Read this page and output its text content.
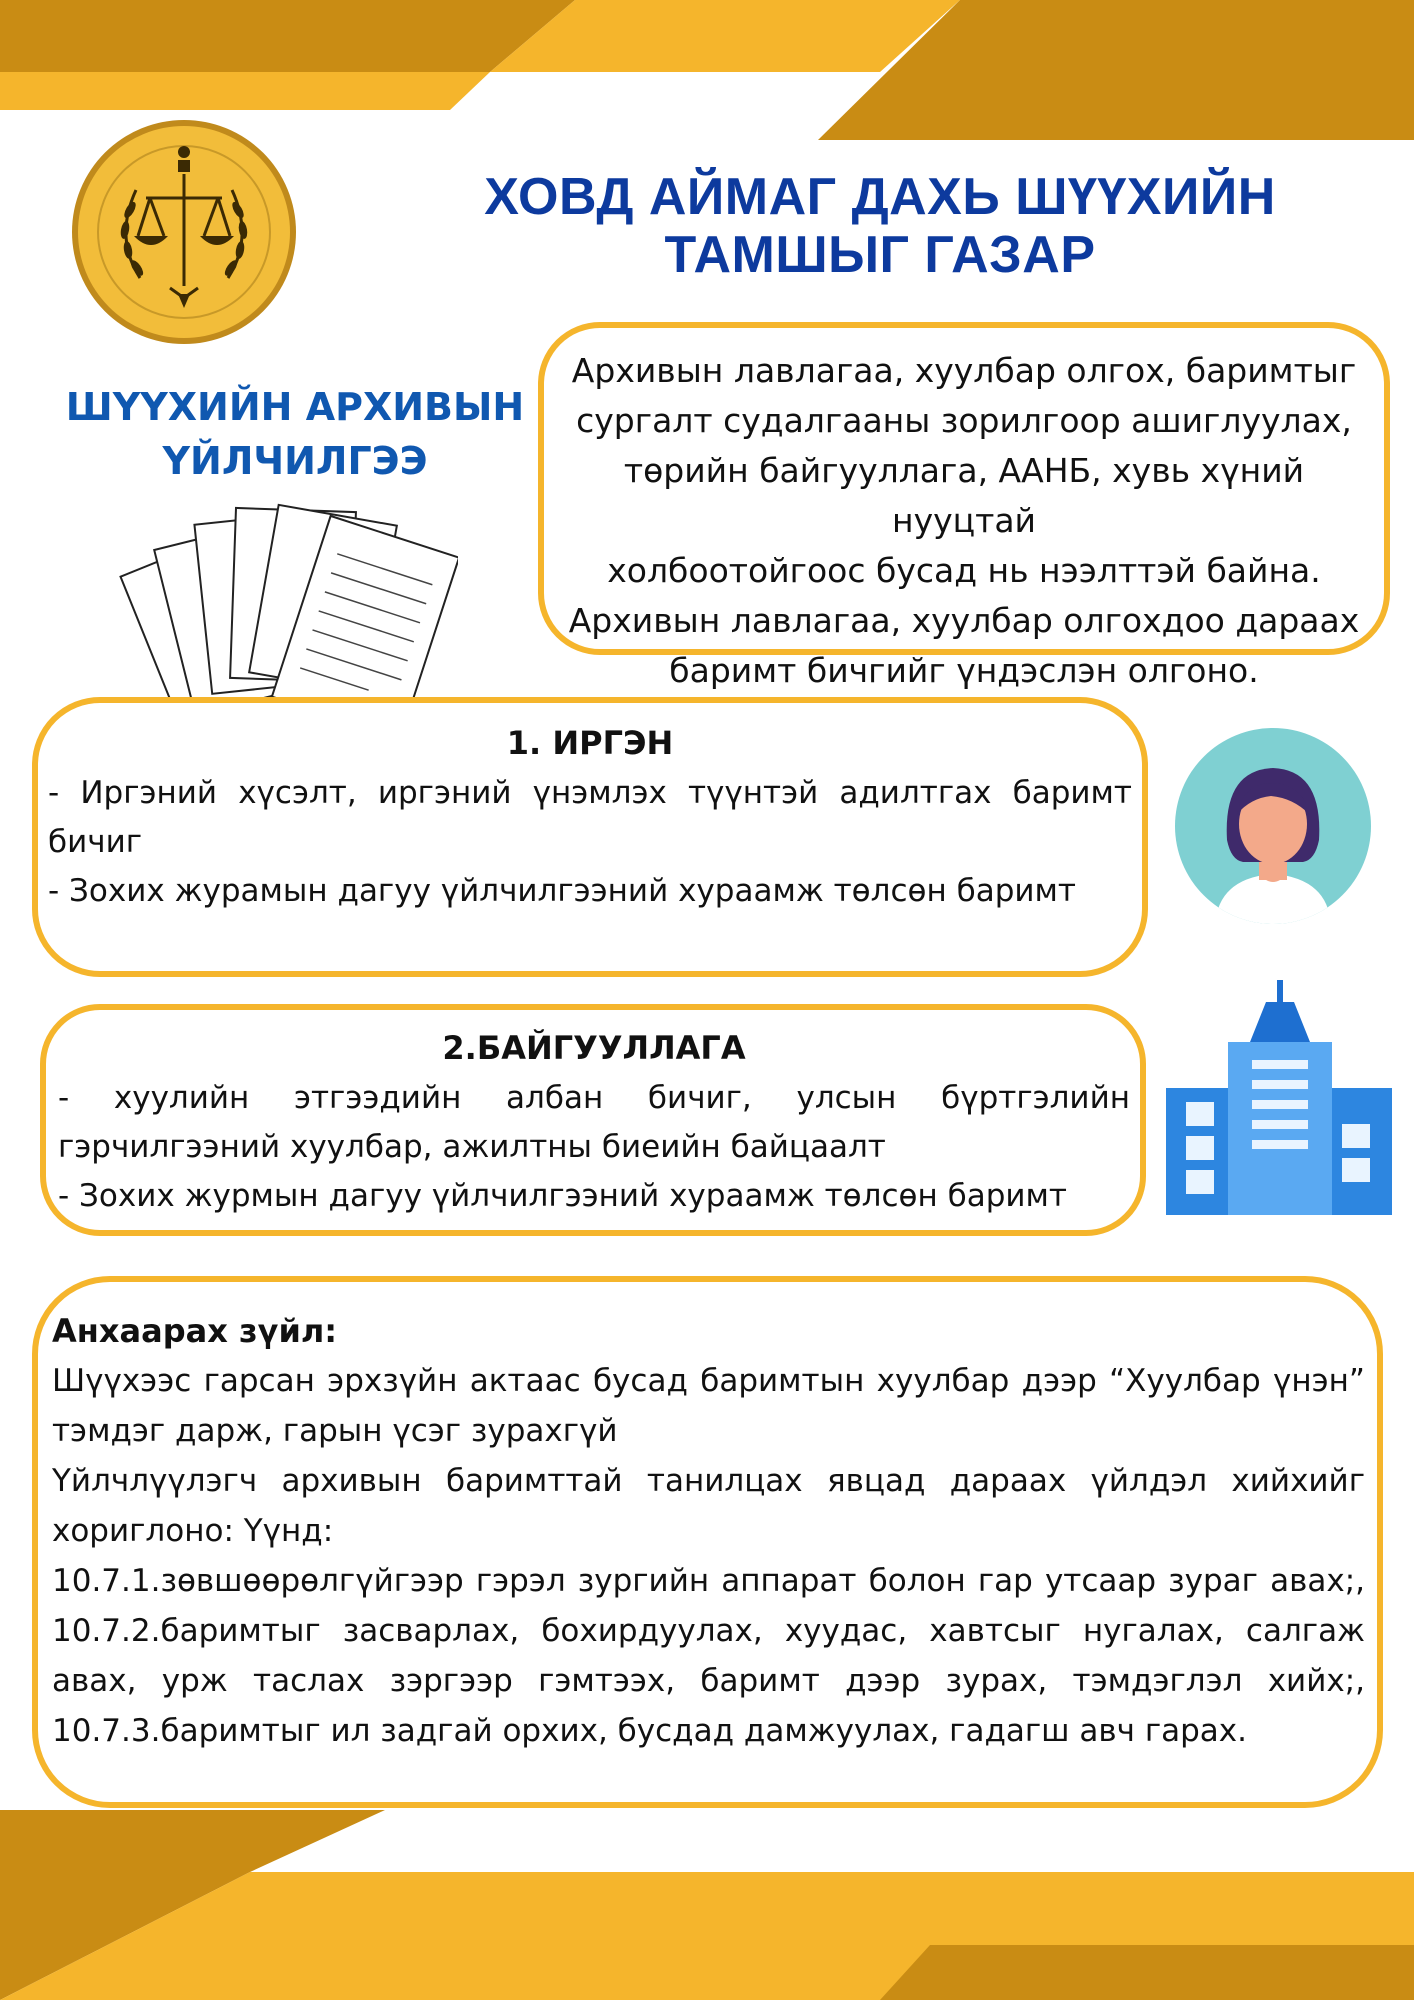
ХОВД АЙМАГ ДАХЬ ШҮҮХИЙН
ТАМШЫГ ГАЗАР
ШҮҮХИЙН АРХИВЫН
ҮЙЛЧИЛГЭЭ
Архивын лавлагаа, хуулбар олгох, баримтыг
сургалт судалгааны зорилгоор ашиглуулах,
төрийн байгууллага, ААНБ, хувь хүний нууцтай
холбоотойгоос бусад нь нээлттэй байна.
Архивын лавлагаа, хуулбар олгохдоо дараах
баримт бичгийг үндэслэн олгоно.

1. ИРГЭН

- Иргэний хүсэлт, иргэний үнэмлэх түүнтэй адилтгах баримт бичиг

- Зохих журамын дагуу үйлчилгээний хураамж төлсөн баримт

2.БАЙГУУЛЛАГА

- хуулийн этгээдийн албан бичиг, улсын бүртгэлийн гэрчилгээний хуулбар, ажилтны биеийн байцаалт

- Зохих журмын дагуу үйлчилгээний хураамж төлсөн баримт

Анхаарах зүйл:

Шүүхээс гарсан эрхзүйн актаас бусад баримтын хуулбар дээр “Хуулбар үнэн” тэмдэг дарж, гарын үсэг зурахгүй

Үйлчлүүлэгч архивын баримттай танилцах явцад дараах үйлдэл хийхийг хориглоно: Үүнд:

10.7.1.зөвшөөрөлгүйгээр гэрэл зургийн аппарат болон гар утсаар зураг авах;, 10.7.2.баримтыг засварлах, бохирдуулах, хуудас, хавтсыг нугалах, салгаж авах, урж таслах зэргээр гэмтээх, баримт дээр зурах, тэмдэглэл хийх;, 10.7.3.баримтыг ил задгай орхих, бусдад дамжуулах, гадагш авч гарах.
